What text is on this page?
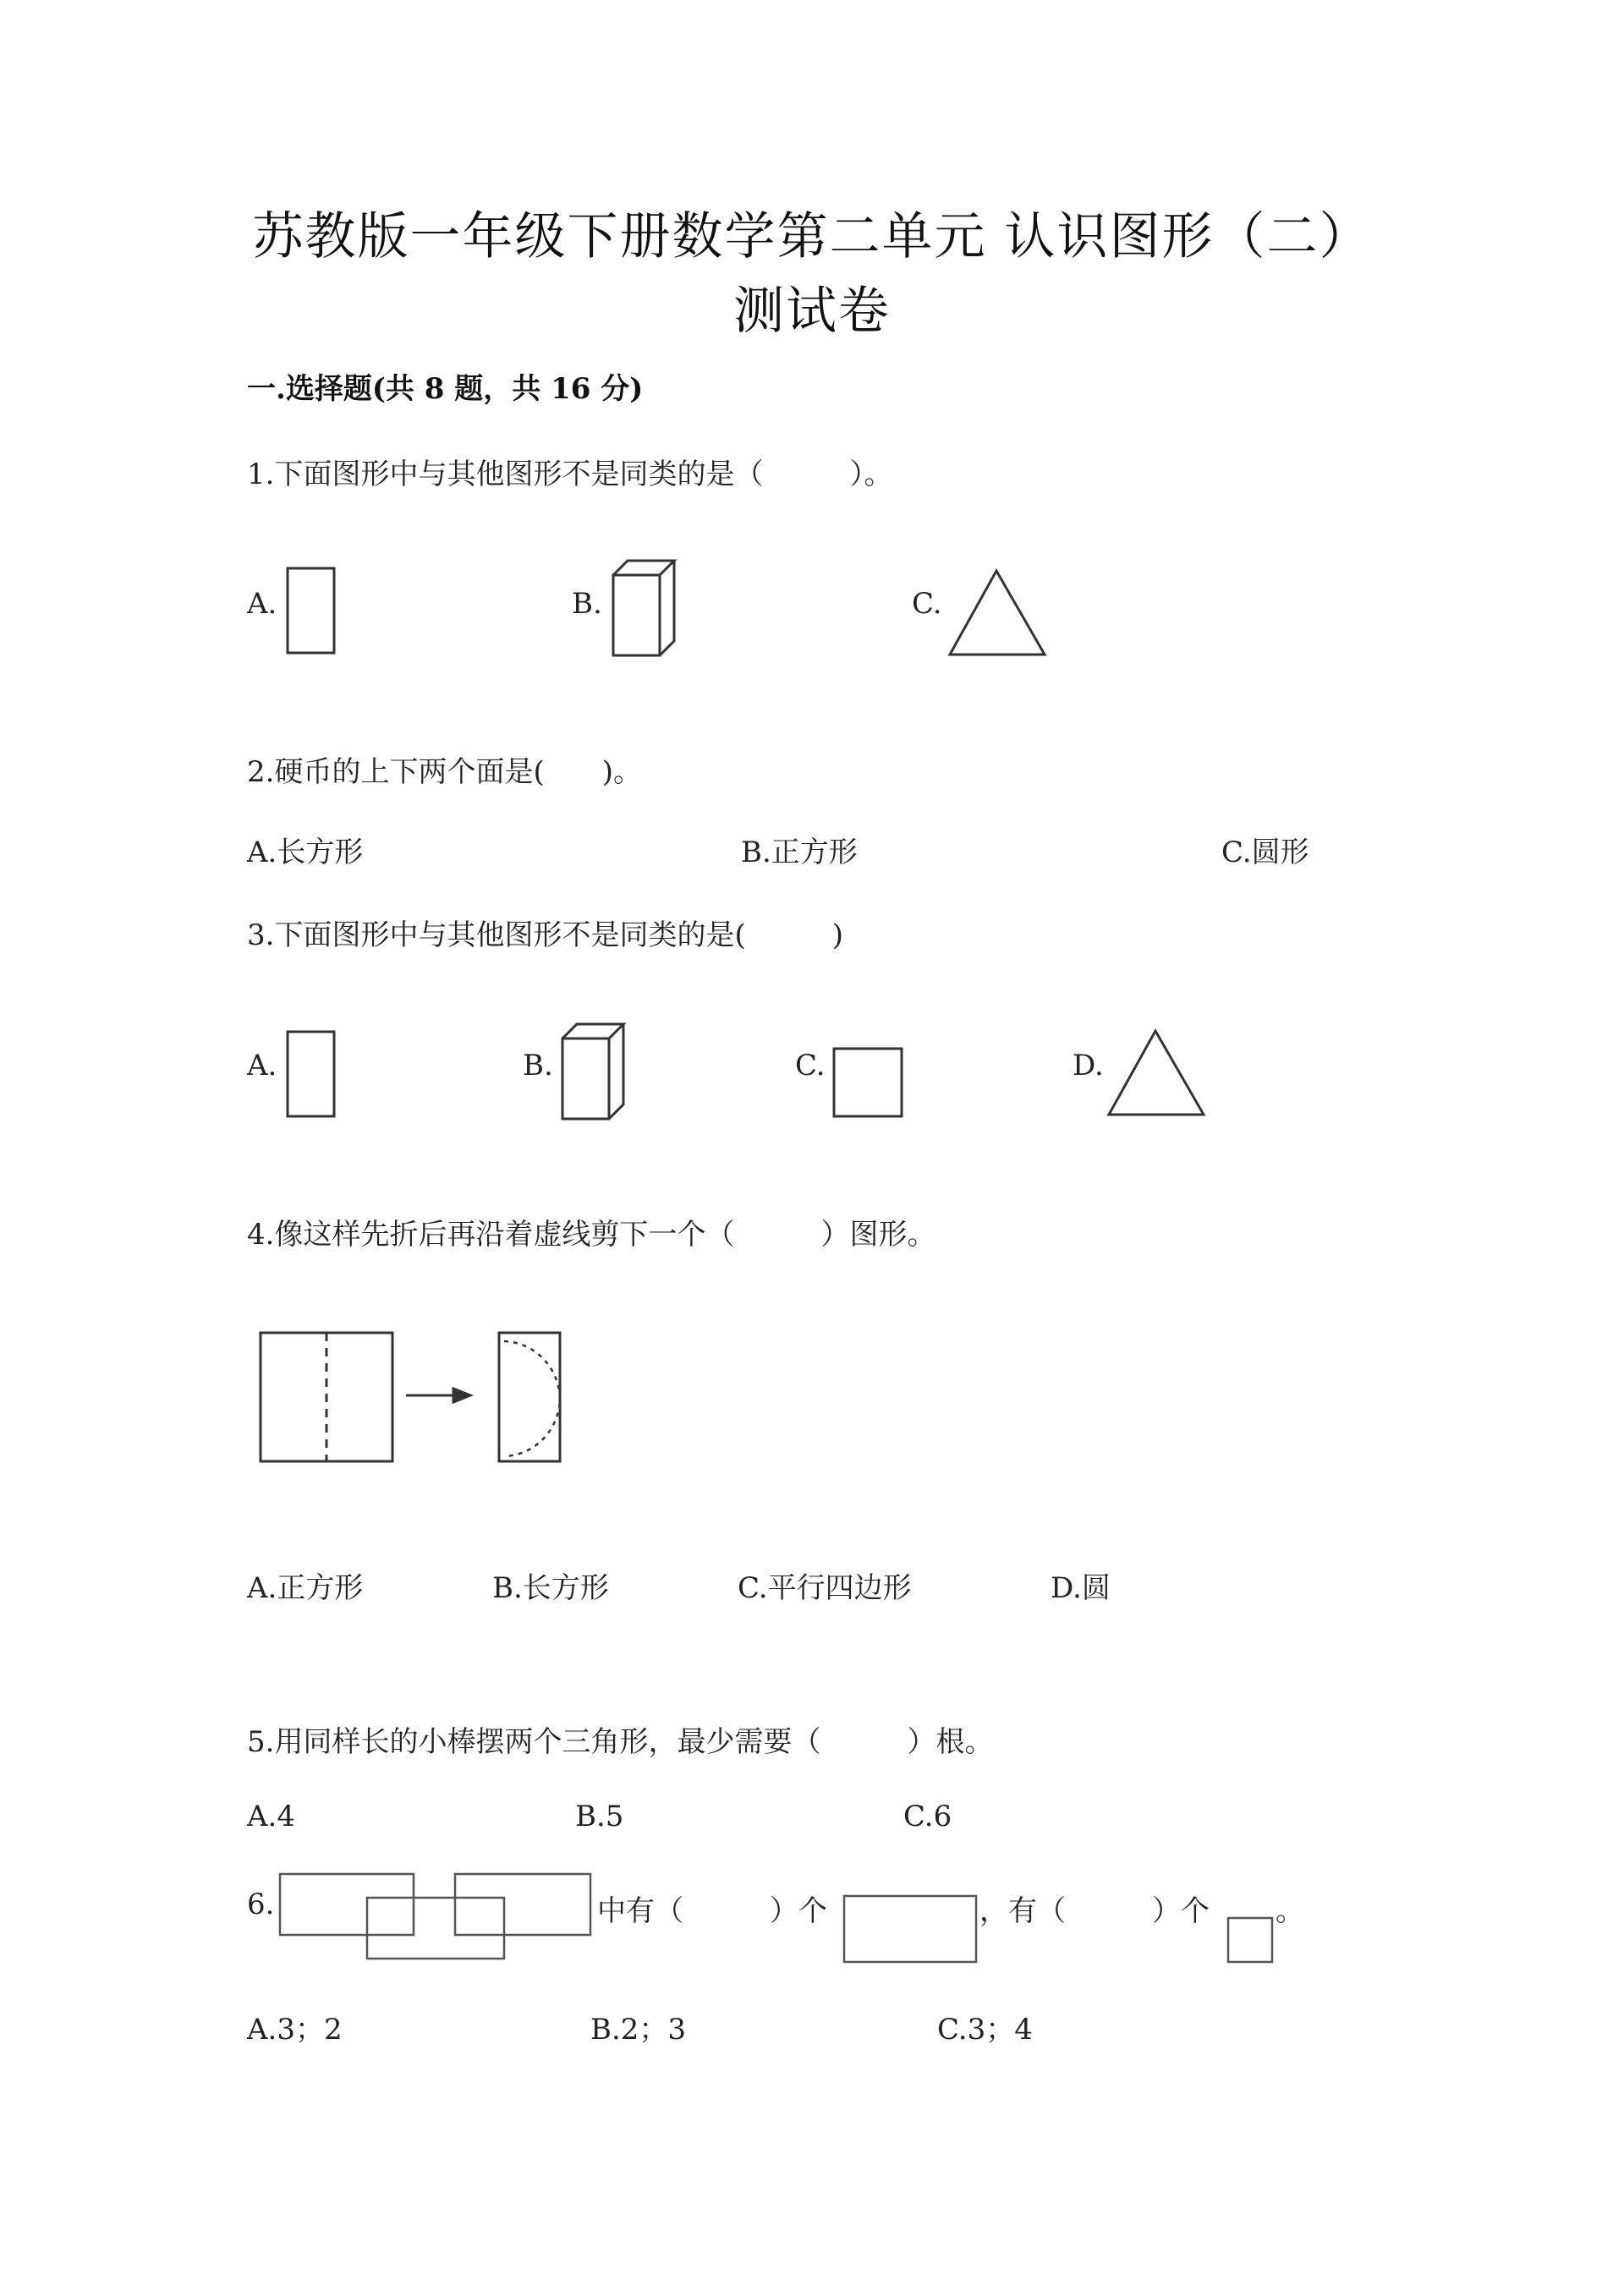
苏教版一年级下册数学第二单元 认识图形（二）
测试卷
一.选择题(共 8 题，共 16 分)
1.下面图形中与其他图形不是同类的是（　　　）。
A.	B.	C.
2.硬币的上下两个面是(　　)。
A.长方形	B.正方形	C.圆形
3.下面图形中与其他图形不是同类的是(　　　)
A.	B.	C.	D.
4.像这样先折后再沿着虚线剪下一个（　　　）图形。
A.正方形	B.长方形	C.平行四边形	D.圆
5.用同样长的小棒摆两个三角形，最少需要（　　　）根。
A.4	B.5	C.6
6.	中有（　　　）个	，有（　　　）个 。
A.3；2	B.2；3	C.3；4
